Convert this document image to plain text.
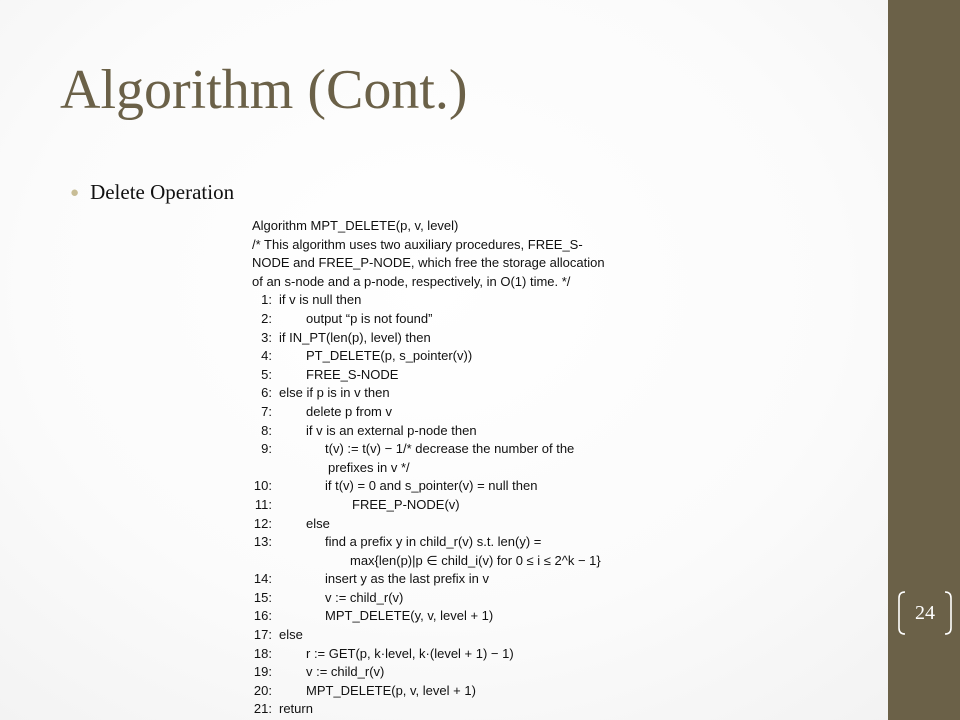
24
Algorithm (Cont.)
● Delete Operation
Algorithm MPT_DELETE(p, v, level)
/* This algorithm uses two auxiliary procedures, FREE_S-
NODE and FREE_P-NODE, which free the storage allocation
of an s-node and a p-node, respectively, in O(1) time. */
1: if v is null then
2:	output “p is not found”
3: if IN_PT(len(p), level) then
4:	PT_DELETE(p, s_pointer(v))
5:	FREE_S-NODE
6: else if p is in v then
7:	delete p from v
8:	if v is an external p-node then
9:	t(v) := t(v) − 1/* decrease the number of the
prefixes in v */
10:	if t(v) = 0 and s_pointer(v) = null then
11:	FREE_P-NODE(v)
12:	else
13:	find a prefix y in child_r(v) s.t. len(y) =
max{len(p)|p ∈ child_i(v) for 0 ≤ i ≤ 2^k − 1}
14:	insert y as the last prefix in v
15:	v := child_r(v)
16:	MPT_DELETE(y, v, level + 1)
17: else
18:	r := GET(p, k·level, k·(level + 1) − 1)
19:	v := child_r(v)
20:	MPT_DELETE(p, v, level + 1)
21: return
